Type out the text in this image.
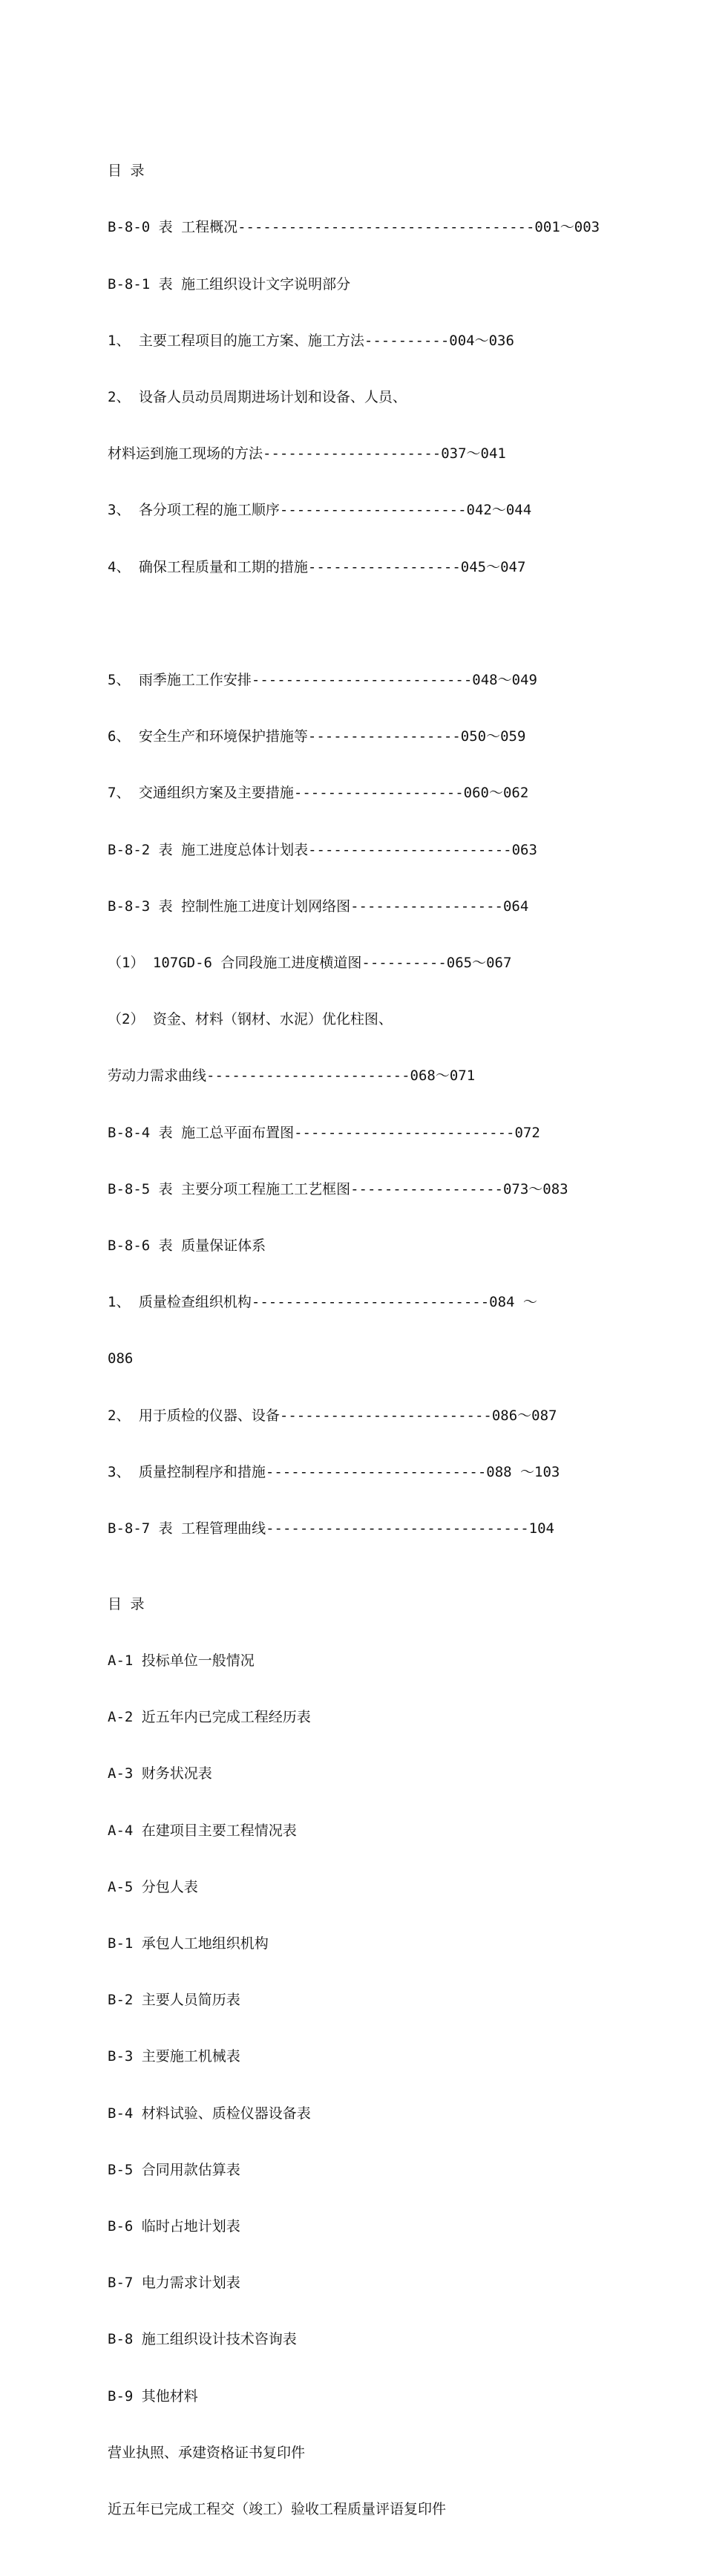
目 录

B-8-0 表 工程概况-----------------------------------001～003

B-8-1 表 施工组织设计文字说明部分

1、 主要工程项目的施工方案、施工方法----------004～036

2、 设备人员动员周期进场计划和设备、人员、

材料运到施工现场的方法---------------------037～041

3、 各分项工程的施工顺序----------------------042～044

4、 确保工程质量和工期的措施------------------045～047

5、 雨季施工工作安排--------------------------048～049

6、 安全生产和环境保护措施等------------------050～059

7、 交通组织方案及主要措施--------------------060～062

B-8-2 表 施工进度总体计划表------------------------063

B-8-3 表 控制性施工进度计划网络图------------------064

（1） 107GD-6 合同段施工进度横道图----------065～067

（2） 资金、材料（钢材、水泥）优化柱图、

劳动力需求曲线------------------------068～071

B-8-4 表 施工总平面布置图--------------------------072

B-8-5 表 主要分项工程施工工艺框图------------------073～083

B-8-6 表 质量保证体系

1、 质量检查组织机构----------------------------084 ～

086

2、 用于质检的仪器、设备-------------------------086～087

3、 质量控制程序和措施--------------------------088 ～103

B-8-7 表 工程管理曲线-------------------------------104

目 录

A-1 投标单位一般情况

A-2 近五年内已完成工程经历表

A-3 财务状况表

A-4 在建项目主要工程情况表

A-5 分包人表

B-1 承包人工地组织机构

B-2 主要人员简历表

B-3 主要施工机械表

B-4 材料试验、质检仪器设备表

B-5 合同用款估算表

B-6 临时占地计划表

B-7 电力需求计划表

B-8 施工组织设计技术咨询表

B-9 其他材料

营业执照、承建资格证书复印件

近五年已完成工程交（竣工）验收工程质量评语复印件
